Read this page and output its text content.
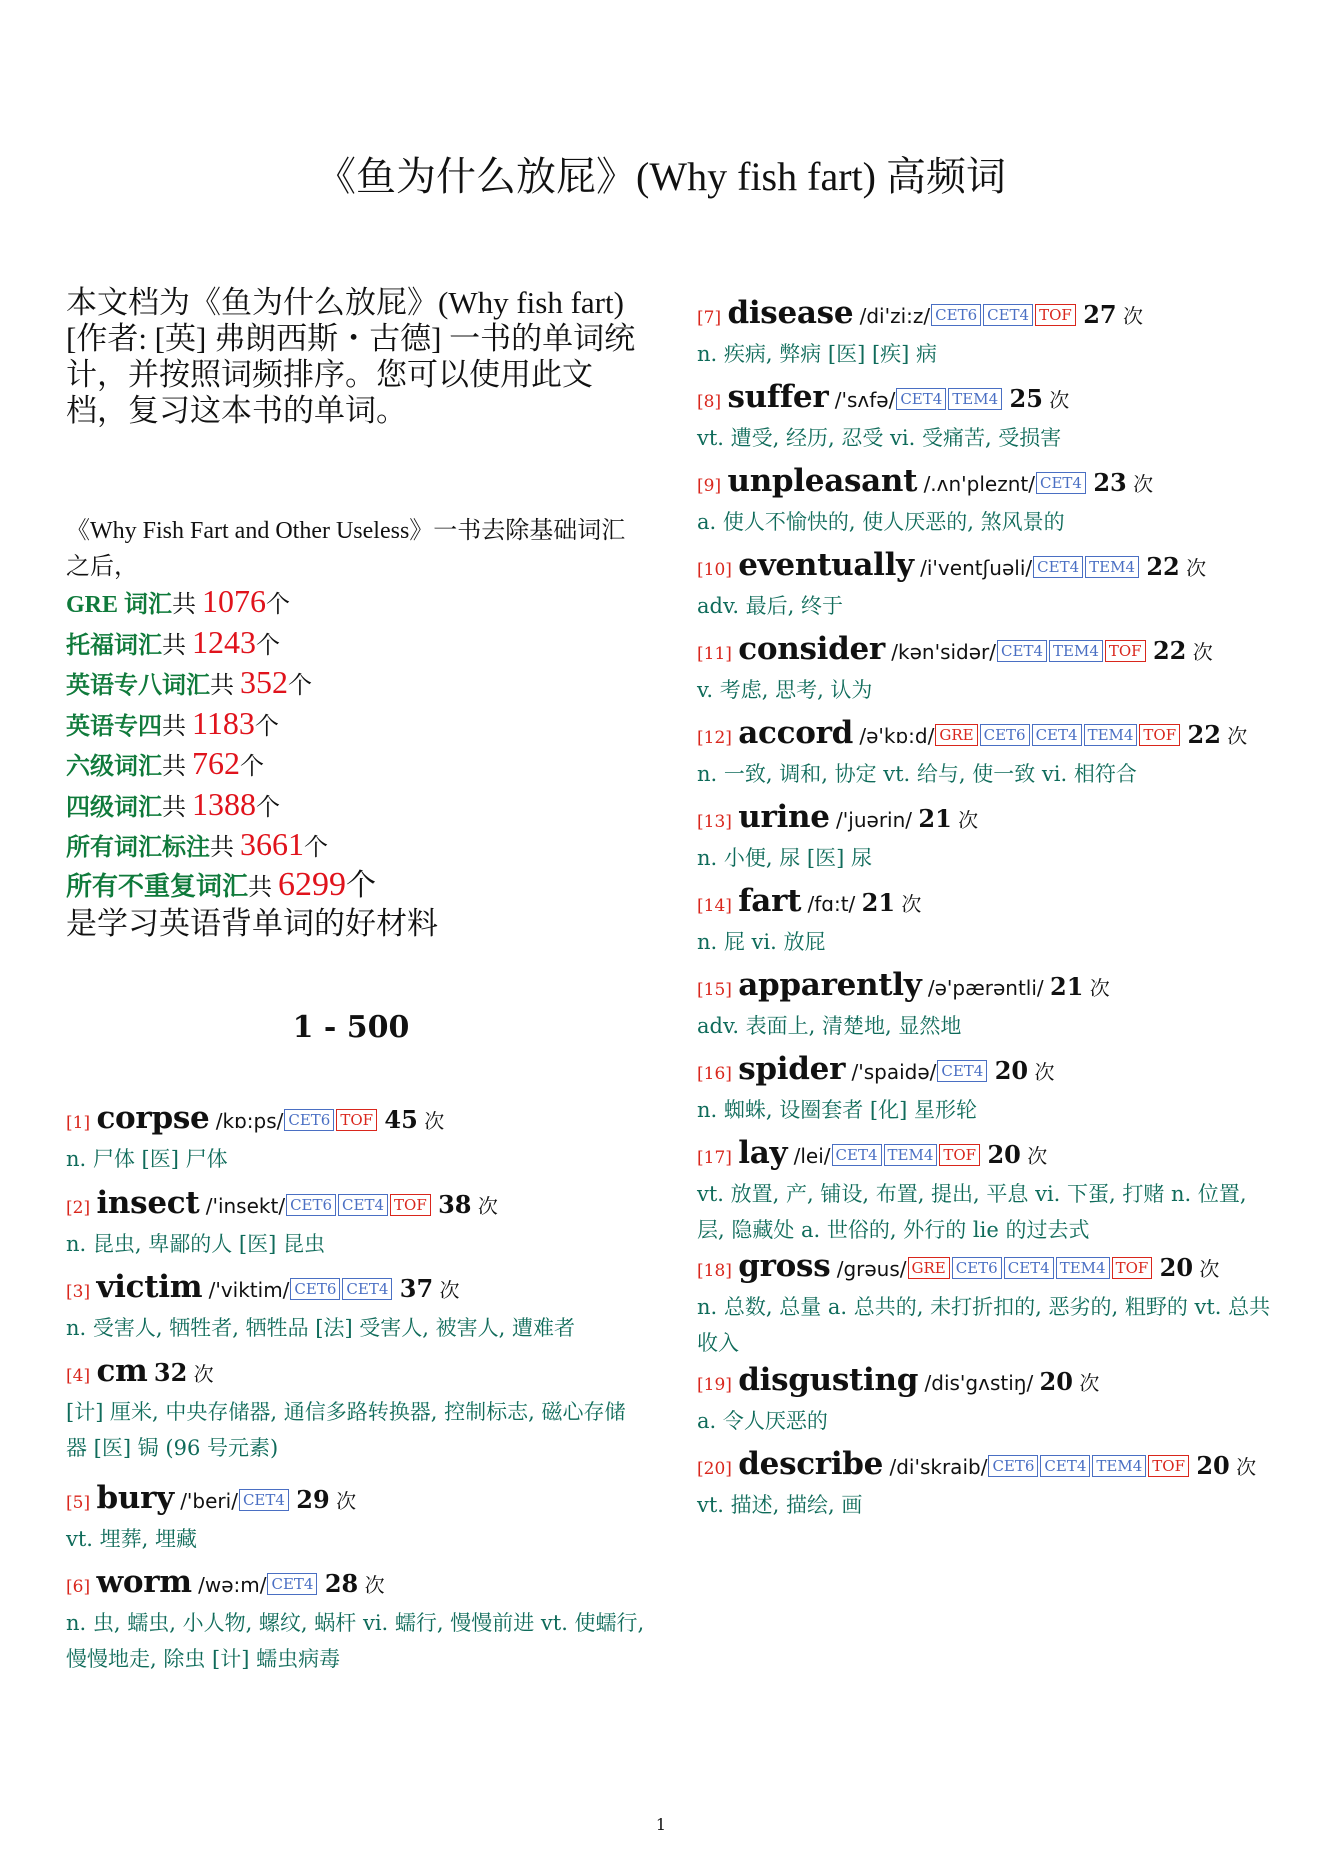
《鱼为什么放屁》(Why fish fart) 高频词
本文档为《鱼为什么放屁》(Why fish fart)[作者: [英] 弗朗西斯・古德] 一书的单词统计，并按照词频排序。您可以使用此文档，复习这本书的单词。
《Why Fish Fart and Other Useless》一书去除基础词汇之后，
GRE 词汇共 1076个
托福词汇共 1243个
英语专八词汇共 352个
英语专四共 1183个
六级词汇共 762个
四级词汇共 1388个
所有词汇标注共 3661个
所有不重复词汇共 6299个
是学习英语背单词的好材料
1 - 500
[1] corpse /kɒ:ps/ CET6 TOF 45 次
n. 尸体 [医] 尸体
[2] insect /'insekt/ CET6 CET4 TOF 38 次
n. 昆虫, 卑鄙的人 [医] 昆虫
[3] victim /'viktim/ CET6 CET4 37 次
n. 受害人, 牺牲者, 牺牲品 [法] 受害人, 被害人, 遭难者
[4] cm 32 次
[计] 厘米, 中央存储器, 通信多路转换器, 控制标志, 磁心存储器 [医] 锔 (96 号元素)
[5] bury /'beri/ CET4 29 次
vt. 埋葬, 埋藏
[6] worm /wə:m/ CET4 28 次
n. 虫, 蠕虫, 小人物, 螺纹, 蜗杆 vi. 蠕行, 慢慢前进 vt. 使蠕行, 慢慢地走, 除虫 [计] 蠕虫病毒
[7] disease /di'zi:z/ CET6 CET4 TOF 27 次
n. 疾病, 弊病 [医] [疾] 病
[8] suffer /'sʌfə/ CET4 TEM4 25 次
vt. 遭受, 经历, 忍受 vi. 受痛苦, 受损害
[9] unpleasant /.ʌn'pleznt/ CET4 23 次
a. 使人不愉快的, 使人厌恶的, 煞风景的
[10] eventually /i'ventʃuəli/ CET4 TEM4 22 次
adv. 最后, 终于
[11] consider /kən'sidər/ CET4 TEM4 TOF 22 次
v. 考虑, 思考, 认为
[12] accord /ə'kɒ:d/ GRE CET6 CET4 TEM4 TOF 22 次
n. 一致, 调和, 协定 vt. 给与, 使一致 vi. 相符合
[13] urine /'juərin/ 21 次
n. 小便, 尿 [医] 尿
[14] fart /fɑ:t/ 21 次
n. 屁 vi. 放屁
[15] apparently /ə'pærəntli/ 21 次
adv. 表面上, 清楚地, 显然地
[16] spider /'spaidə/ CET4 20 次
n. 蜘蛛, 设圈套者 [化] 星形轮
[17] lay /lei/ CET4 TEM4 TOF 20 次
vt. 放置, 产, 铺设, 布置, 提出, 平息 vi. 下蛋, 打赌 n. 位置, 层, 隐藏处 a. 世俗的, 外行的 lie 的过去式
[18] gross /grəus/ GRE CET6 CET4 TEM4 TOF 20 次
n. 总数, 总量 a. 总共的, 未打折扣的, 恶劣的, 粗野的 vt. 总共收入
[19] disgusting /dis'gʌstiŋ/ 20 次
a. 令人厌恶的
[20] describe /di'skraib/ CET6 CET4 TEM4 TOF 20 次
vt. 描述, 描绘, 画
1
